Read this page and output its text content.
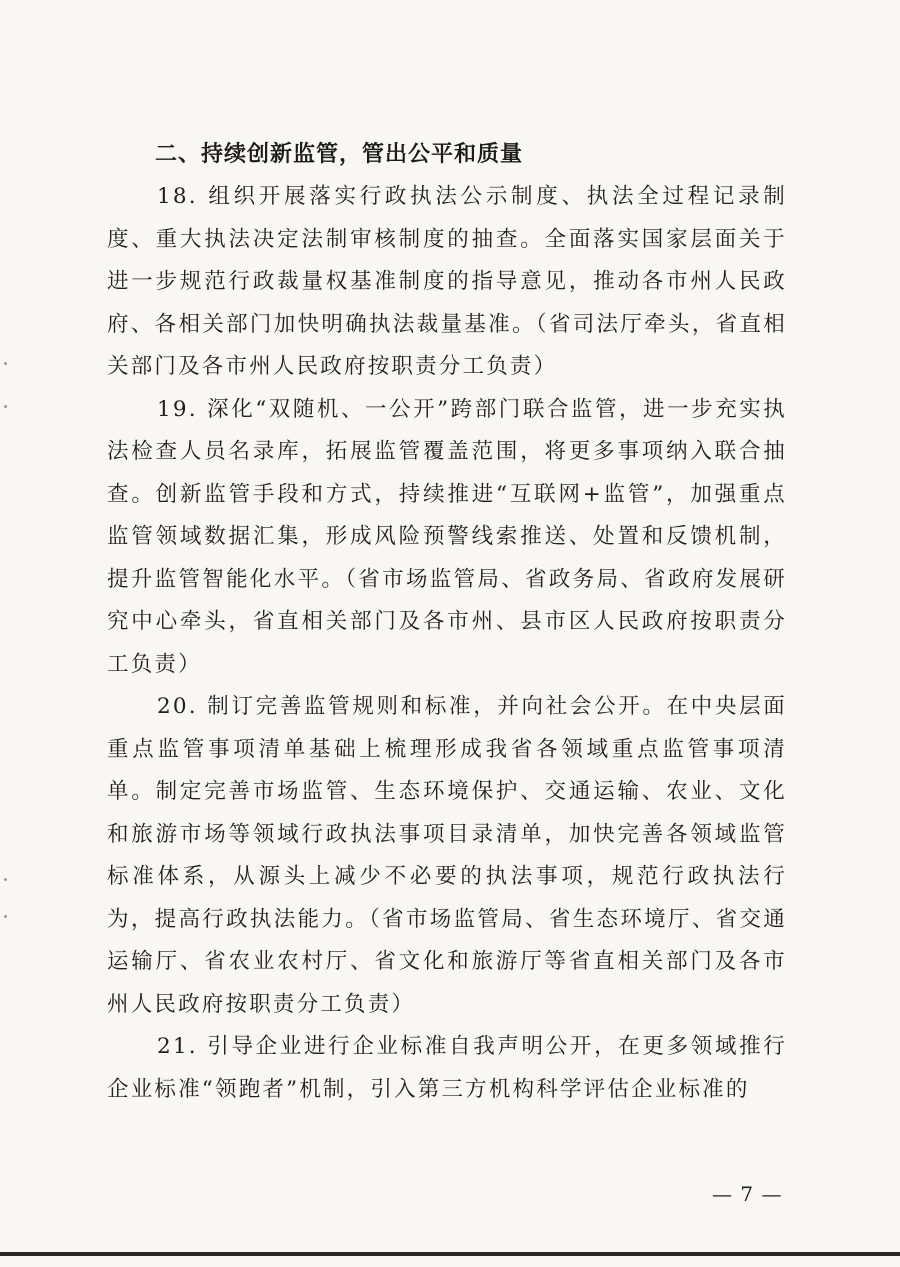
二、持续创新监管，管出公平和质量

18. 组织开展落实行政执法公示制度、执法全过程记录制度、重大执法决定法制审核制度的抽查。全面落实国家层面关于进一步规范行政裁量权基准制度的指导意见，推动各市州人民政府、各相关部门加快明确执法裁量基准。（省司法厅牵头，省直相关部门及各市州人民政府按职责分工负责）

19. 深化“双随机、一公开”跨部门联合监管，进一步充实执法检查人员名录库，拓展监管覆盖范围，将更多事项纳入联合抽查。创新监管手段和方式，持续推进“互联网+监管”，加强重点监管领域数据汇集，形成风险预警线索推送、处置和反馈机制，提升监管智能化水平。（省市场监管局、省政务局、省政府发展研究中心牵头，省直相关部门及各市州、县市区人民政府按职责分工负责）

20. 制订完善监管规则和标准，并向社会公开。在中央层面重点监管事项清单基础上梳理形成我省各领域重点监管事项清单。制定完善市场监管、生态环境保护、交通运输、农业、文化和旅游市场等领域行政执法事项目录清单，加快完善各领域监管标准体系，从源头上减少不必要的执法事项，规范行政执法行为，提高行政执法能力。（省市场监管局、省生态环境厅、省交通运输厅、省农业农村厅、省文化和旅游厅等省直相关部门及各市州人民政府按职责分工负责）

21. 引导企业进行企业标准自我声明公开，在更多领域推行企业标准“领跑者”机制，引入第三方机构科学评估企业标准的

— 7 —
